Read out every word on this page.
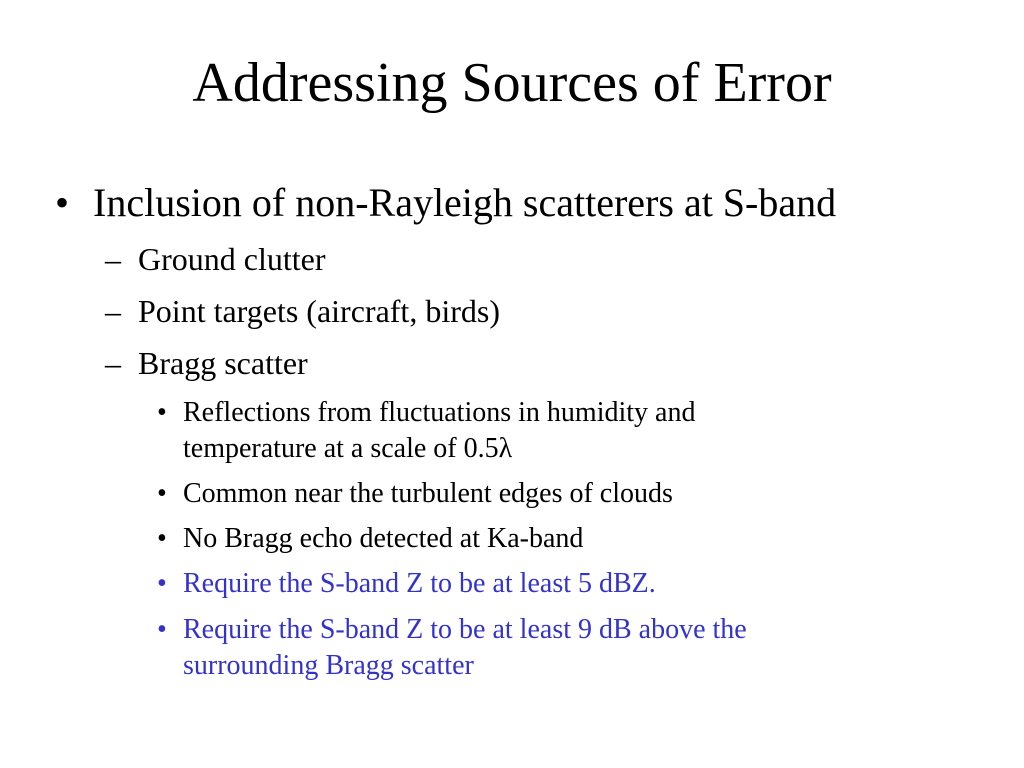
Addressing Sources of Error
• Inclusion of non-Rayleigh scatterers at S-band
– Ground clutter
– Point targets (aircraft, birds)
– Bragg scatter
• Reflections from fluctuations in humidity and
temperature at a scale of 0.5λ
• Common near the turbulent edges of clouds
• No Bragg echo detected at Ka-band
• Require the S-band Z to be at least 5 dBZ.
• Require the S-band Z to be at least 9 dB above the
surrounding Bragg scatter
